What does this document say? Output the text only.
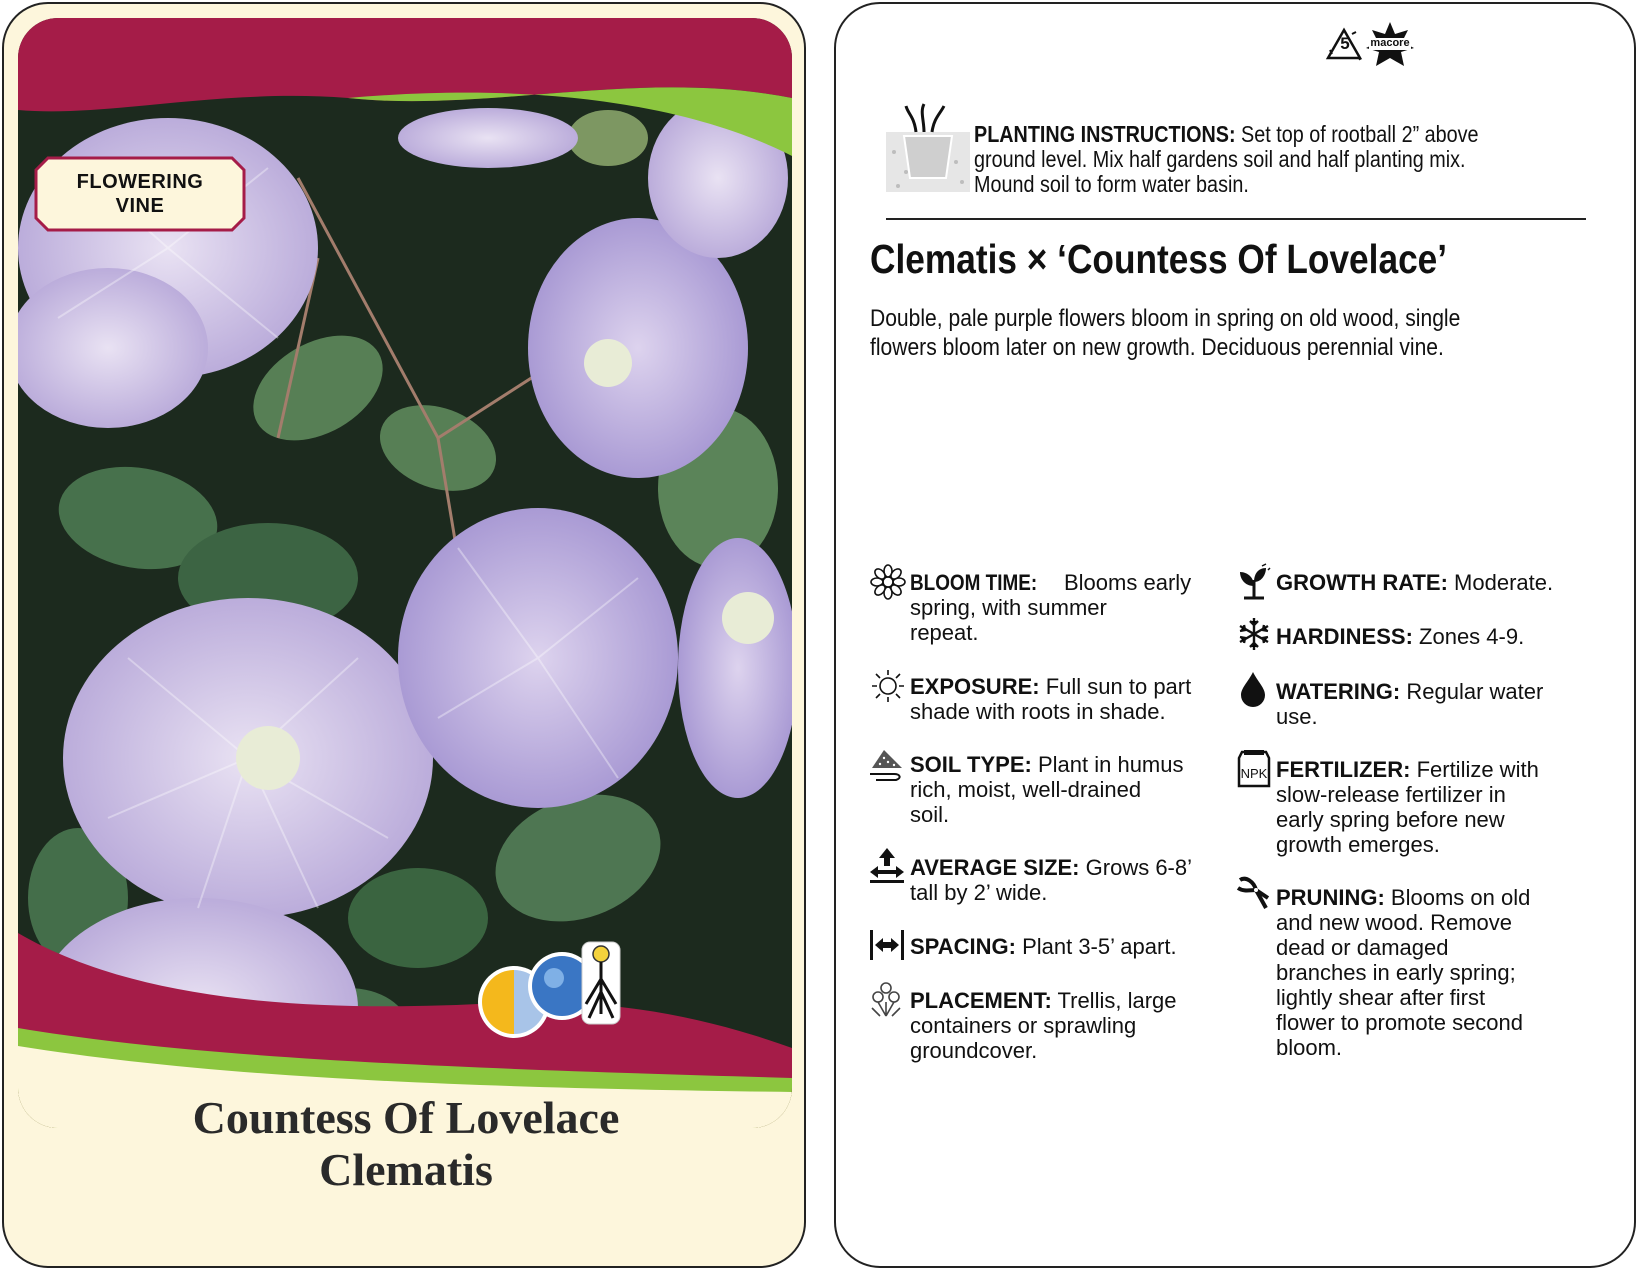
FLOWERING
VINE
Countess Of Lovelace
Clematis
5	macore
PLANTING INSTRUCTIONS: Set top of rootball 2” above
ground level. Mix half gardens soil and half planting mix.
Mound soil to form water basin.
Clematis × ‘Countess Of Lovelace’
Double, pale purple flowers bloom in spring on old wood, single
flowers bloom later on new growth. Deciduous perennial vine.
BLOOM TIME: Blooms early
spring, with summer
repeat.
EXPOSURE: Full sun to part
shade with roots in shade.
SOIL TYPE: Plant in humus
rich, moist, well-drained
soil.
AVERAGE SIZE: Grows 6-8’
tall by 2’ wide.
SPACING: Plant 3-5’ apart.
PLACEMENT: Trellis, large
containers or sprawling
groundcover.
GROWTH RATE: Moderate.
HARDINESS: Zones 4-9.
WATERING: Regular water
use.
FERTILIZER: Fertilize with
slow-release fertilizer in
early spring before new
growth emerges.
PRUNING: Blooms on old
and new wood. Remove
dead or damaged
branches in early spring;
lightly shear after first
flower to promote second
bloom.
NPK
